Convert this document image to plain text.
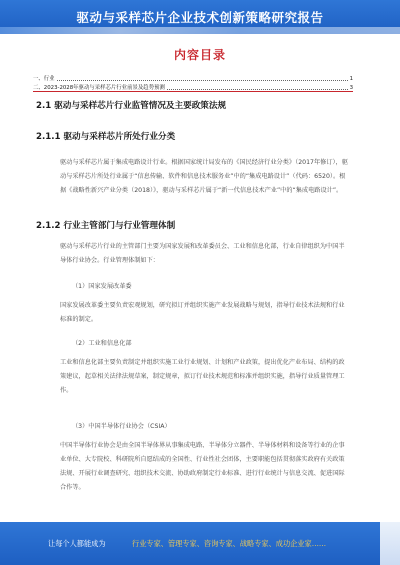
驱动与采样芯片企业技术创新策略研究报告
内容目录
一、行业	1
二、2023-2028年驱动与采样芯片行业前景及趋势预测	3
2.1 驱动与采样芯片行业监管情况及主要政策法规
2.1.1 驱动与采样芯片所处行业分类
驱动与采样芯片属于集成电路设计行业。根据国家统计局发布的《国民经济行业分类》（2017年修订），驱动与采样芯片所处行业属于“信息传输、软件和信息技术服务业”中的“集成电路设计”（代码：6520）。根据《战略性新兴产业分类（2018）》，驱动与采样芯片属于“新一代信息技术产业”中的“集成电路设计”。
2.1.2 行业主管部门与行业管理体制
驱动与采样芯片行业的主管部门主要为国家发展和改革委员会、工业和信息化部，行业自律组织为中国半导体行业协会。行业管理体制如下：
（1）国家发展改革委
国家发展改革委主要负责宏观规划，研究拟订并组织实施产业发展战略与规划，指导行业技术法规和行业标准的制定。
（2）工业和信息化部
工业和信息化部主要负责制定并组织实施工业行业规划、计划和产业政策，提出优化产业布局、结构的政策建议，起草相关法律法规草案，制定规章，拟订行业技术规范和标准并组织实施，指导行业质量管理工作。
（3）中国半导体行业协会（CSIA）
中国半导体行业协会是由全国半导体界从事集成电路、半导体分立器件、半导体材料和设备等行业的企事业单位、大专院校、科研院所自愿结成的全国性、行业性社会团体，主要职能包括贯彻落实政府有关政策法规、开展行业调查研究、组织技术交流、协助政府制定行业标准、进行行业统计与信息交流、促进国际合作等。
让每个人都能成为	行业专家、管理专家、咨询专家、战略专家、成功企业家……
